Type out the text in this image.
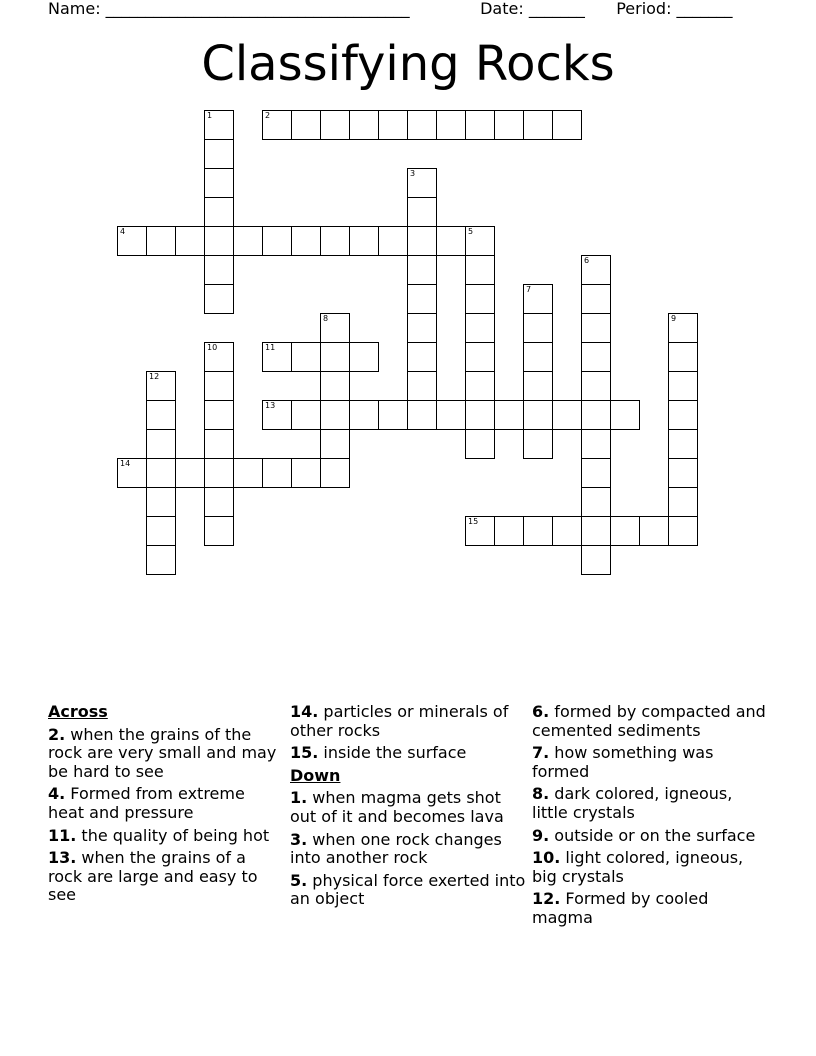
Name: ______________________________________	Date: _______ Period: _______
Classifying Rocks
1	2
3
4	5
6
7
8	9
10	11
12
13
14
15
Across
2. when the grains of the rock are very small and may be hard to see
4. Formed from extreme heat and pressure
11. the quality of being hot
13. when the grains of a rock are large and easy to see
14. particles or minerals of other rocks
15. inside the surface
Down
1. when magma gets shot out of it and becomes lava
3. when one rock changes into another rock
5. physical force exerted into an object
6. formed by compacted and cemented sediments
7. how something was formed
8. dark colored, igneous, little crystals
9. outside or on the surface
10. light colored, igneous, big crystals
12. Formed by cooled magma
